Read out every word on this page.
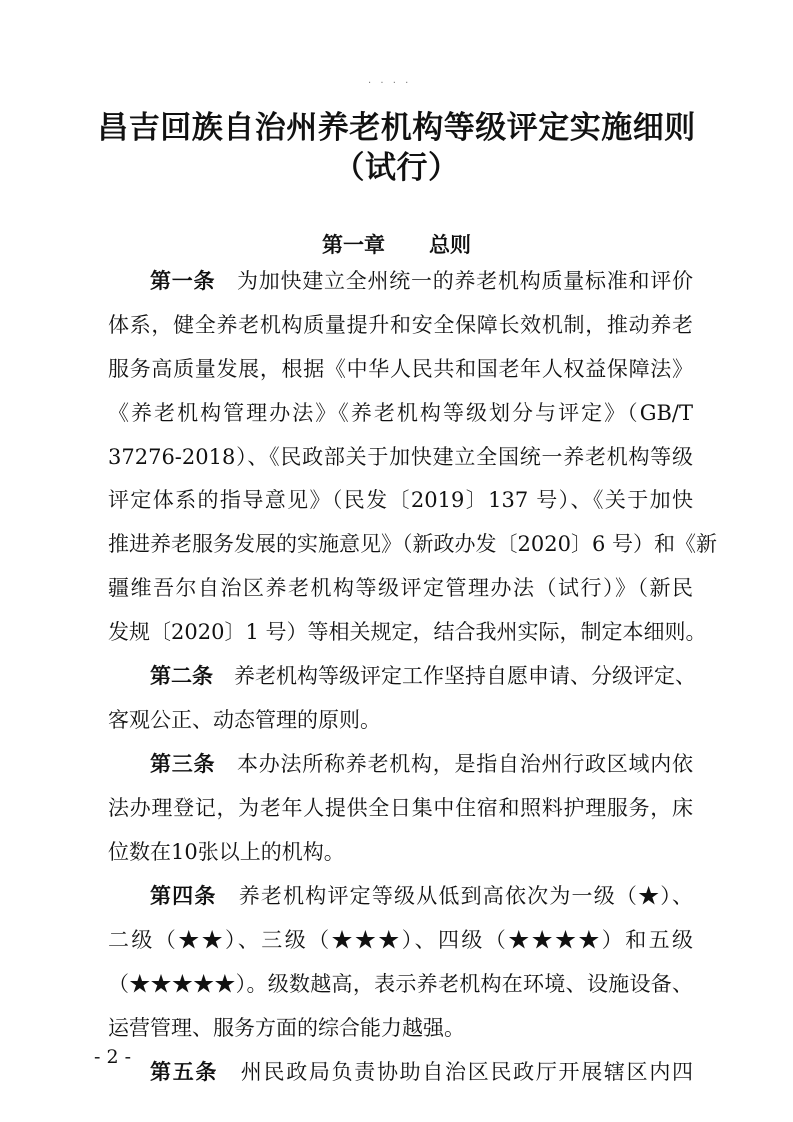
· · · ·
昌吉回族自治州养老机构等级评定实施细则
（试行）
第一章 总则
第一条　 为加快建立全州统一的养老机构质量标准和评价
体系，健全养老机构质量提升和安全保障长效机制，推动养老
服务高质量发展，根据《中华人民共和国老年人权益保障法》
《养老机构管理办法》《养老机构等级划分与评定》（GB/T
37276-2018）、《民政部关于加快建立全国统一养老机构等级
评定体系的指导意见》（民发〔2019〕137 号）、《关于加快
推进养老服务发展的实施意见》（新政办发〔2020〕6 号）和《新
疆维吾尔自治区养老机构等级评定管理办法（试行）》（新民
发规〔2020〕1 号）等相关规定，结合我州实际，制定本细则。
第二条　 养老机构等级评定工作坚持自愿申请、分级评定、
客观公正、动态管理的原则。
第三条　 本办法所称养老机构，是指自治州行政区域内依
法办理登记，为老年人提供全日集中住宿和照料护理服务，床
位数在10张以上的机构。
第四条　 养老机构评定等级从低到高依次为一级（★）、
二级（★★）、三级（★★★）、四级（★★★★）和五级
（★★★★★）。级数越高，表示养老机构在环境、设施设备、
运营管理、服务方面的综合能力越强。
第五条　 州民政局负责协助自治区民政厅开展辖区内四
- 2 -
